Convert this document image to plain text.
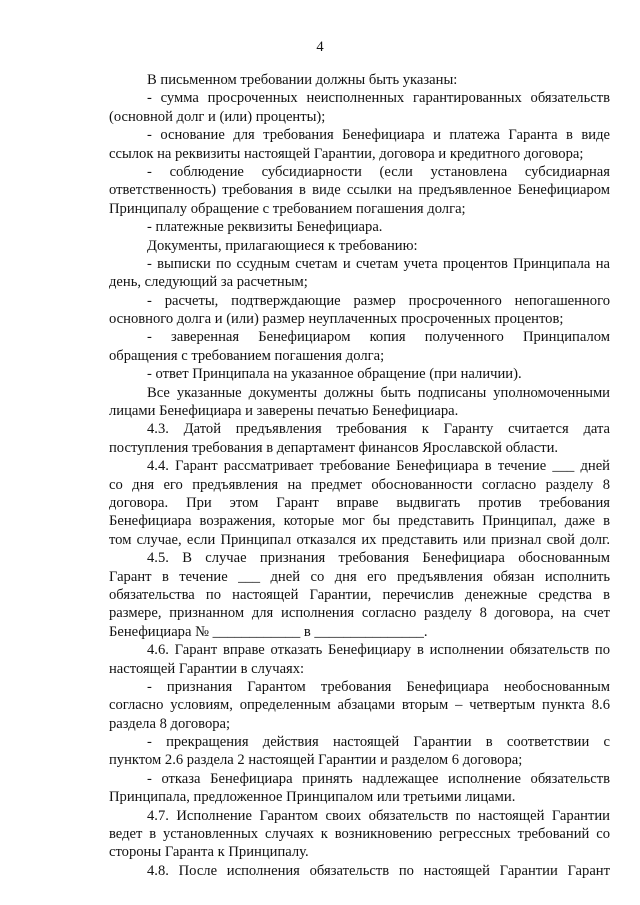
4
В письменном требовании должны быть указаны:
- сумма просроченных неисполненных гарантированных обязательств
(основной долг и (или) проценты);
- основание для требования Бенефициара и платежа Гаранта в виде
ссылок на реквизиты настоящей Гарантии, договора и кредитного договора;
- соблюдение субсидиарности (если установлена субсидиарная
ответственность) требования в виде ссылки на предъявленное Бенефициаром
Принципалу обращение с требованием погашения долга;
- платежные реквизиты Бенефициара.
Документы, прилагающиеся к требованию:
- выписки по ссудным счетам и счетам учета процентов Принципала на
день, следующий за расчетным;
- расчеты, подтверждающие размер просроченного непогашенного
основного долга и (или) размер неуплаченных просроченных процентов;
- заверенная Бенефициаром копия полученного Принципалом
обращения с требованием погашения долга;
- ответ Принципала на указанное обращение (при наличии).
Все указанные документы должны быть подписаны уполномоченными
лицами Бенефициара и заверены печатью Бенефициара.
4.3. Датой предъявления требования к Гаранту считается дата
поступления требования в департамент финансов Ярославской области.
4.4. Гарант рассматривает требование Бенефициара в течение ___ дней
со дня его предъявления на предмет обоснованности согласно разделу 8
договора. При этом Гарант вправе выдвигать против требования
Бенефициара возражения, которые мог бы представить Принципал, даже в
том случае, если Принципал отказался их представить или признал свой долг.
4.5. В случае признания требования Бенефициара обоснованным
Гарант в течение ___ дней со дня его предъявления обязан исполнить
обязательства по настоящей Гарантии, перечислив денежные средства в
размере, признанном для исполнения согласно разделу 8 договора, на счет
Бенефициара № ____________ в _______________.
4.6. Гарант вправе отказать Бенефициару в исполнении обязательств по
настоящей Гарантии в случаях:
- признания Гарантом требования Бенефициара необоснованным
согласно условиям, определенным абзацами вторым – четвертым пункта 8.6
раздела 8 договора;
- прекращения действия настоящей Гарантии в соответствии с
пунктом 2.6 раздела 2 настоящей Гарантии и разделом 6 договора;
- отказа Бенефициара принять надлежащее исполнение обязательств
Принципала, предложенное Принципалом или третьими лицами.
4.7. Исполнение Гарантом своих обязательств по настоящей Гарантии
ведет в установленных случаях к возникновению регрессных требований со
стороны Гаранта к Принципалу.
4.8. После исполнения обязательств по настоящей Гарантии Гарант
